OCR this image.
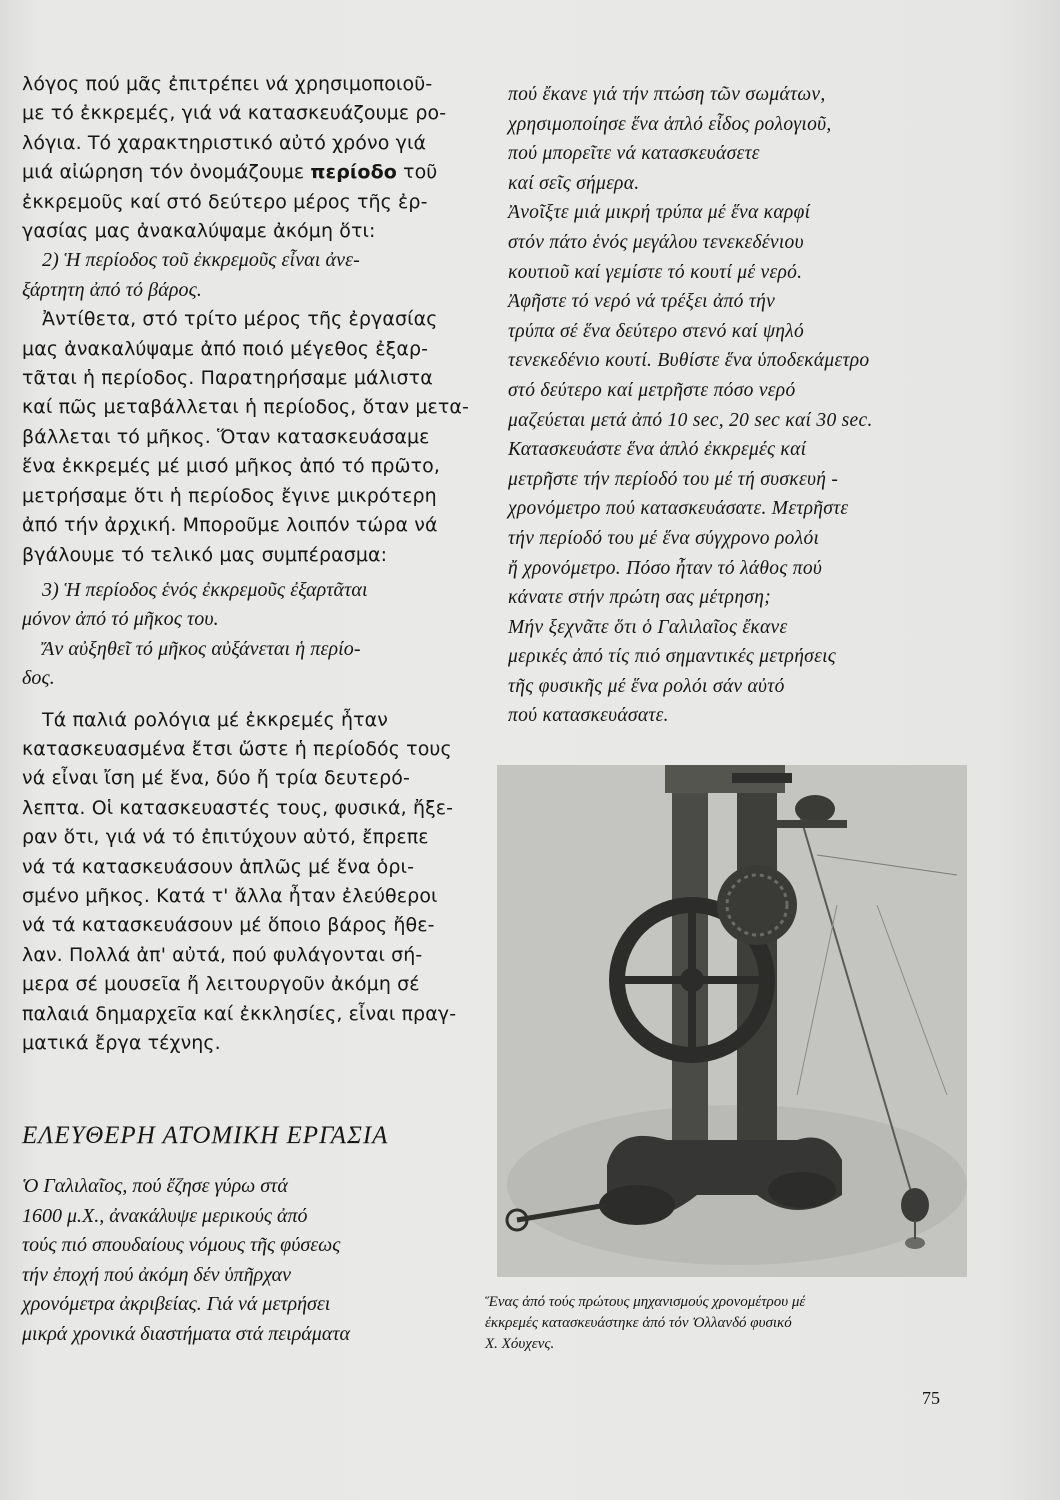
λόγος πού μᾶς ἐπιτρέπει νά χρησιμοποιοῦ-
με τό ἐκκρεμές, γιά νά κατασκευάζουμε ρο-
λόγια. Τό χαρακτηριστικό αὐτό χρόνο γιά
μιά αἰώρηση τόν ὀνομάζουμε περίοδο τοῦ
ἐκκρεμοῦς καί στό δεύτερο μέρος τῆς ἐρ-
γασίας μας ἀνακαλύψαμε ἀκόμη ὅτι:

2) Ἡ περίοδος τοῦ ἐκκρεμοῦς εἶναι ἀνε-
ξάρτητη ἀπό τό βάρος.

Ἀντίθετα, στό τρίτο μέρος τῆς ἐργασίας
μας ἀνακαλύψαμε ἀπό ποιό μέγεθος ἐξαρ-
τᾶται ἡ περίοδος. Παρατηρήσαμε μάλιστα
καί πῶς μεταβάλλεται ἡ περίοδος, ὅταν μετα-
βάλλεται τό μῆκος. Ὅταν κατασκευάσαμε
ἕνα ἐκκρεμές μέ μισό μῆκος ἀπό τό πρῶτο,
μετρήσαμε ὅτι ἡ περίοδος ἔγινε μικρότερη
ἀπό τήν ἀρχική. Μποροῦμε λοιπόν τώρα νά
βγάλουμε τό τελικό μας συμπέρασμα:

3) Ἡ περίοδος ἑνός ἐκκρεμοῦς ἐξαρτᾶται
μόνον ἀπό τό μῆκος του.

Ἄν αὐξηθεῖ τό μῆκος αὐξάνεται ἡ περίο-
δος.

Τά παλιά ρολόγια μέ ἐκκρεμές ἦταν
κατασκευασμένα ἔτσι ὥστε ἡ περίοδός τους
νά εἶναι ἴση μέ ἕνα, δύο ἤ τρία δευτερό-
λεπτα. Οἱ κατασκευαστές τους, φυσικά, ἤξε-
ραν ὅτι, γιά νά τό ἐπιτύχουν αὐτό, ἔπρεπε
νά τά κατασκευάσουν ἁπλῶς μέ ἕνα ὁρι-
σμένο μῆκος. Κατά τ' ἄλλα ἦταν ἐλεύθεροι
νά τά κατασκευάσουν μέ ὅποιο βάρος ἤθε-
λαν. Πολλά ἀπ' αὐτά, πού φυλάγονται σή-
μερα σέ μουσεῖα ἤ λειτουργοῦν ἀκόμη σέ
παλαιά δημαρχεῖα καί ἐκκλησίες, εἶναι πραγ-
ματικά ἔργα τέχνης.

ΕΛΕΥΘΕΡΗ ΑΤΟΜΙΚΗ ΕΡΓΑΣΙΑ

Ὁ Γαλιλαῖος, πού ἔζησε γύρω στά
1600 μ.Χ., ἀνακάλυψε μερικούς ἀπό
τούς πιό σπουδαίους νόμους τῆς φύσεως
τήν ἐποχή πού ἀκόμη δέν ὑπῆρχαν
χρονόμετρα ἀκριβείας. Γιά νά μετρήσει
μικρά χρονικά διαστήματα στά πειράματα

πού ἔκανε γιά τήν πτώση τῶν σωμάτων,
χρησιμοποίησε ἕνα ἁπλό εἶδος ρολογιοῦ,
πού μπορεῖτε νά κατασκευάσετε
καί σεῖς σήμερα.
Ἀνοῖξτε μιά μικρή τρύπα μέ ἕνα καρφί
στόν πάτο ἑνός μεγάλου τενεκεδένιου
κουτιοῦ καί γεμίστε τό κουτί μέ νερό.
Ἀφῆστε τό νερό νά τρέξει ἀπό τήν
τρύπα σέ ἕνα δεύτερο στενό καί ψηλό
τενεκεδένιο κουτί. Βυθίστε ἕνα ὑποδεκάμετρο
στό δεύτερο καί μετρῆστε πόσο νερό
μαζεύεται μετά ἀπό 10 sec, 20 sec καί 30 sec.
Κατασκευάστε ἕνα ἁπλό ἐκκρεμές καί
μετρῆστε τήν περίοδό του μέ τή συσκευή -
χρονόμετρο πού κατασκευάσατε. Μετρῆστε
τήν περίοδό του μέ ἕνα σύγχρονο ρολόι
ἤ χρονόμετρο. Πόσο ἦταν τό λάθος πού
κάνατε στήν πρώτη σας μέτρηση;
Μήν ξεχνᾶτε ὅτι ὁ Γαλιλαῖος ἔκανε
μερικές ἀπό τίς πιό σημαντικές μετρήσεις
τῆς φυσικῆς μέ ἕνα ρολόι σάν αὐτό
πού κατασκευάσατε.

Ἕνας ἀπό τούς πρώτους μηχανισμούς χρονομέτρου μέ
ἐκκρεμές κατασκευάστηκε ἀπό τόν Ὀλλανδό φυσικό
Χ. Χόυχενς.

75
